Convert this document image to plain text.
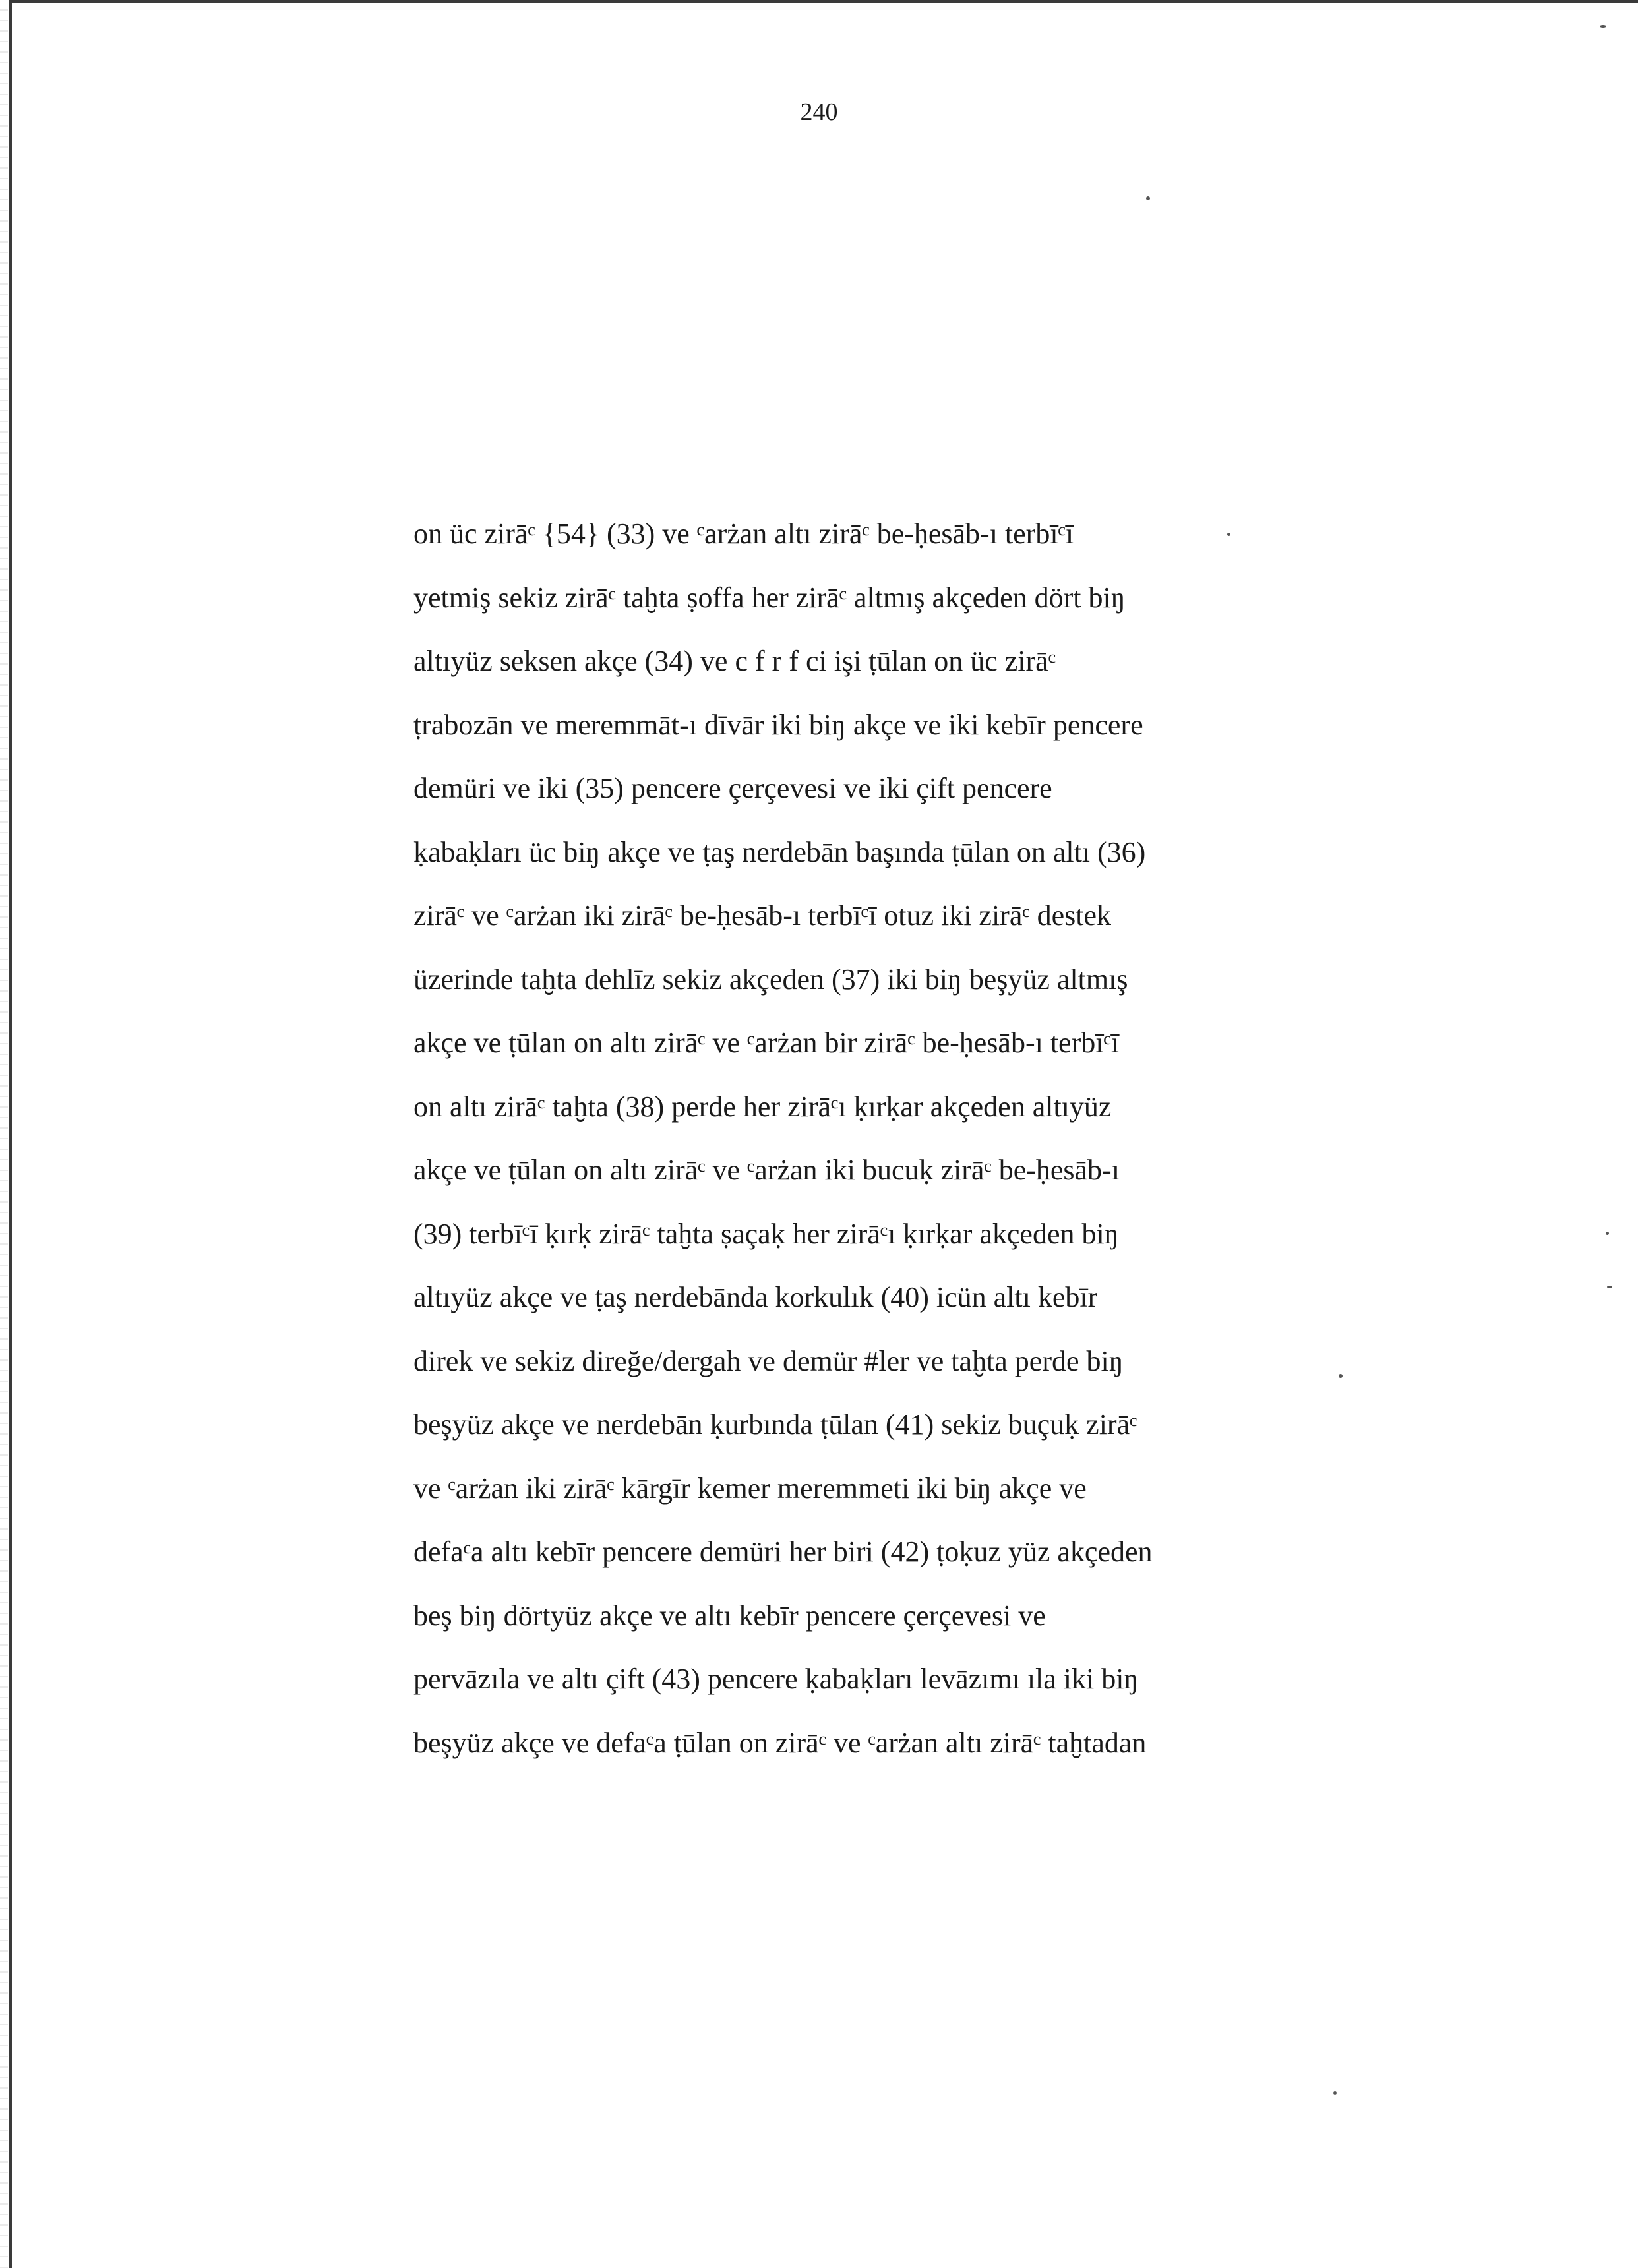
240
on üc zirāᶜ {54} (33) ve ᶜarżan altı zirāᶜ be-ḥesāb-ı terbīᶜī
yetmiş sekiz zirāᶜ taḫta ṣoffa her zirāᶜ altmış akçeden dört biŋ
altıyüz seksen akçe (34) ve c f r f ci işi ṭūlan on üc zirāᶜ
ṭrabozān ve meremmāt-ı dīvār iki biŋ akçe ve iki kebīr pencere
demüri ve iki (35) pencere çerçevesi ve iki çift pencere
ḳabaḳları üc biŋ akçe ve ṭaş nerdebān başında ṭūlan on altı (36)
zirāᶜ ve ᶜarżan iki zirāᶜ be-ḥesāb-ı terbīᶜī otuz iki zirāᶜ destek
üzerinde taḫta dehlīz sekiz akçeden (37) iki biŋ beşyüz altmış
akçe ve ṭūlan on altı zirāᶜ ve ᶜarżan bir zirāᶜ be-ḥesāb-ı terbīᶜī
on altı zirāᶜ taḫta (38) perde her zirāᶜı ḳırḳar akçeden altıyüz
akçe ve ṭūlan on altı zirāᶜ ve ᶜarżan iki bucuḳ zirāᶜ be-ḥesāb-ı
(39) terbīᶜī ḳırḳ zirāᶜ taḫta ṣaçaḳ her zirāᶜı ḳırḳar akçeden biŋ
altıyüz akçe ve ṭaş nerdebānda korkulık (40) icün altı kebīr
direk ve sekiz direğe/dergah ve demür #ler ve taḫta perde biŋ
beşyüz akçe ve nerdebān ḳurbında ṭūlan (41) sekiz buçuḳ zirāᶜ
ve ᶜarżan iki zirāᶜ kārgīr kemer meremmeti iki biŋ akçe ve
defaᶜa altı kebīr pencere demüri her biri (42) ṭoḳuz yüz akçeden
beş biŋ dörtyüz akçe ve altı kebīr pencere çerçevesi ve
pervāzıla ve altı çift (43) pencere ḳabaḳları levāzımı ıla iki biŋ
beşyüz akçe ve defaᶜa ṭūlan on zirāᶜ ve ᶜarżan altı zirāᶜ taḫtadan
